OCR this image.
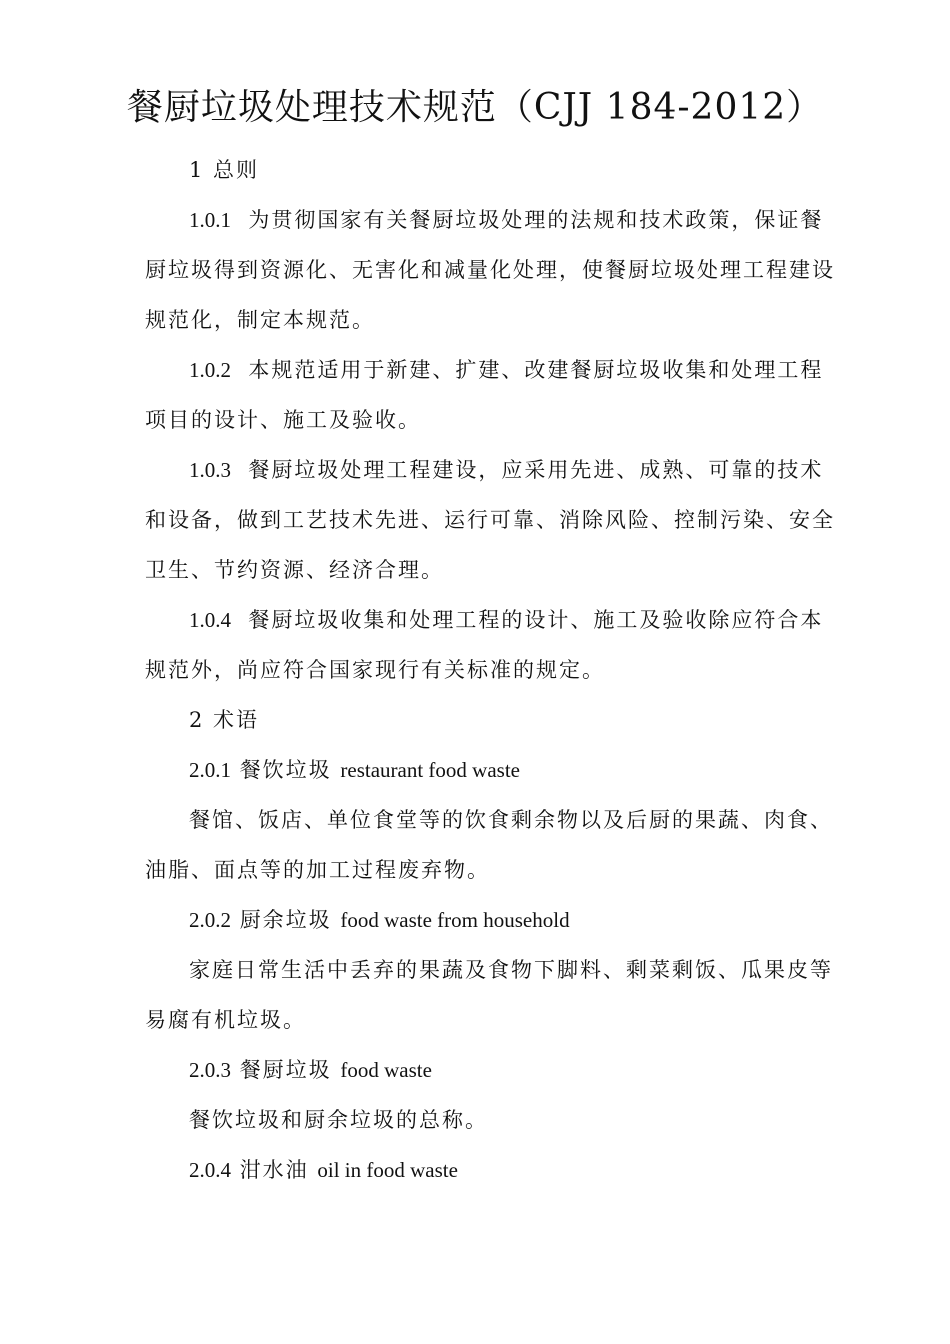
餐厨垃圾处理技术规范（CJJ 184-2012）

1 总则

1.0.1 为贯彻国家有关餐厨垃圾处理的法规和技术政策，保证餐

厨垃圾得到资源化、无害化和减量化处理，使餐厨垃圾处理工程建设

规范化，制定本规范。

1.0.2 本规范适用于新建、扩建、改建餐厨垃圾收集和处理工程

项目的设计、施工及验收。

1.0.3 餐厨垃圾处理工程建设，应采用先进、成熟、可靠的技术

和设备，做到工艺技术先进、运行可靠、消除风险、控制污染、安全

卫生、节约资源、经济合理。

1.0.4 餐厨垃圾收集和处理工程的设计、施工及验收除应符合本

规范外，尚应符合国家现行有关标准的规定。

2 术语

2.0.1 餐饮垃圾 restaurant food waste

餐馆、饭店、单位食堂等的饮食剩余物以及后厨的果蔬、肉食、

油脂、面点等的加工过程废弃物。

2.0.2 厨余垃圾 food waste from household

家庭日常生活中丢弃的果蔬及食物下脚料、剩菜剩饭、瓜果皮等

易腐有机垃圾。

2.0.3 餐厨垃圾 food waste

餐饮垃圾和厨余垃圾的总称。

2.0.4 泔水油 oil in food waste
